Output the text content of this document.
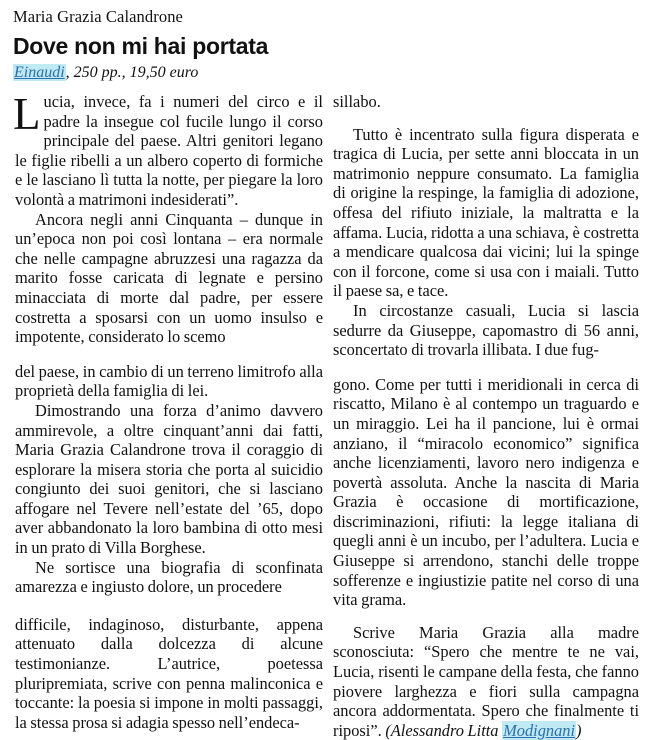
Maria Grazia Calandrone
Dove non mi hai portata
Einaudi, 250 pp., 19,50 euro

Lucia, invece, fa i numeri del circo e il padre la insegue col fucile lungo il corso principale del paese. Altri genitori legano le figlie ribelli a un albero coperto di formiche e le lasciano lì tutta la notte, per piegare la loro volontà a matrimoni indesiderati”.

Ancora negli anni Cinquanta – dunque in un’epoca non poi così lontana – era normale che nelle campagne abruzzesi una ragazza da marito fosse caricata di legnate e persino minacciata di morte dal padre, per essere costretta a sposarsi con un uomo insulso e impotente, considerato lo scemo

del paese, in cambio di un terreno limitrofo alla proprietà della famiglia di lei.

Dimostrando una forza d’animo davvero ammirevole, a oltre cinquant’anni dai fatti, Maria Grazia Calandrone trova il coraggio di esplorare la misera storia che porta al suicidio congiunto dei suoi genitori, che si lasciano affogare nel Tevere nell’estate del ’65, dopo aver abbandonato la loro bambina di otto mesi in un prato di Villa Borghese.

Ne sortisce una biografia di sconfinata amarezza e ingiusto dolore, un procedere

difficile, indaginoso, disturbante, appena attenuato dalla dolcezza di alcune testimonianze. L’autrice, poetessa pluripremiata, scrive con penna malinconica e toccante: la poesia si impone in molti passaggi, la stessa prosa si adagia spesso nell’endeca-

sillabo.

Tutto è incentrato sulla figura disperata e tragica di Lucia, per sette anni bloccata in un matrimonio neppure consumato. La famiglia di origine la respinge, la famiglia di adozione, offesa del rifiuto iniziale, la maltratta e la affama. Lucia, ridotta a una schiava, è costretta a mendicare qualcosa dai vicini; lui la spinge con il forcone, come si usa con i maiali. Tutto il paese sa, e tace.

In circostanze casuali, Lucia si lascia sedurre da Giuseppe, capomastro di 56 anni, sconcertato di trovarla illibata. I due fug-

gono. Come per tutti i meridionali in cerca di riscatto, Milano è al contempo un traguardo e un miraggio. Lei ha il pancione, lui è ormai anziano, il “miracolo economico” significa anche licenziamenti, lavoro nero indigenza e povertà assoluta. Anche la nascita di Maria Grazia è occasione di mortificazione, discriminazioni, rifiuti: la legge italiana di quegli anni è un incubo, per l’adultera. Lucia e Giuseppe si arrendono, stanchi delle troppe sofferenze e ingiustizie patite nel corso di una vita grama.

Scrive Maria Grazia alla madre sconosciuta: “Spero che mentre te ne vai, Lucia, risenti le campane della festa, che fanno piovere larghezza e fiori sulla campagna ancora addormentata. Spero che finalmente ti riposi”. (Alessandro Litta Modignani)
